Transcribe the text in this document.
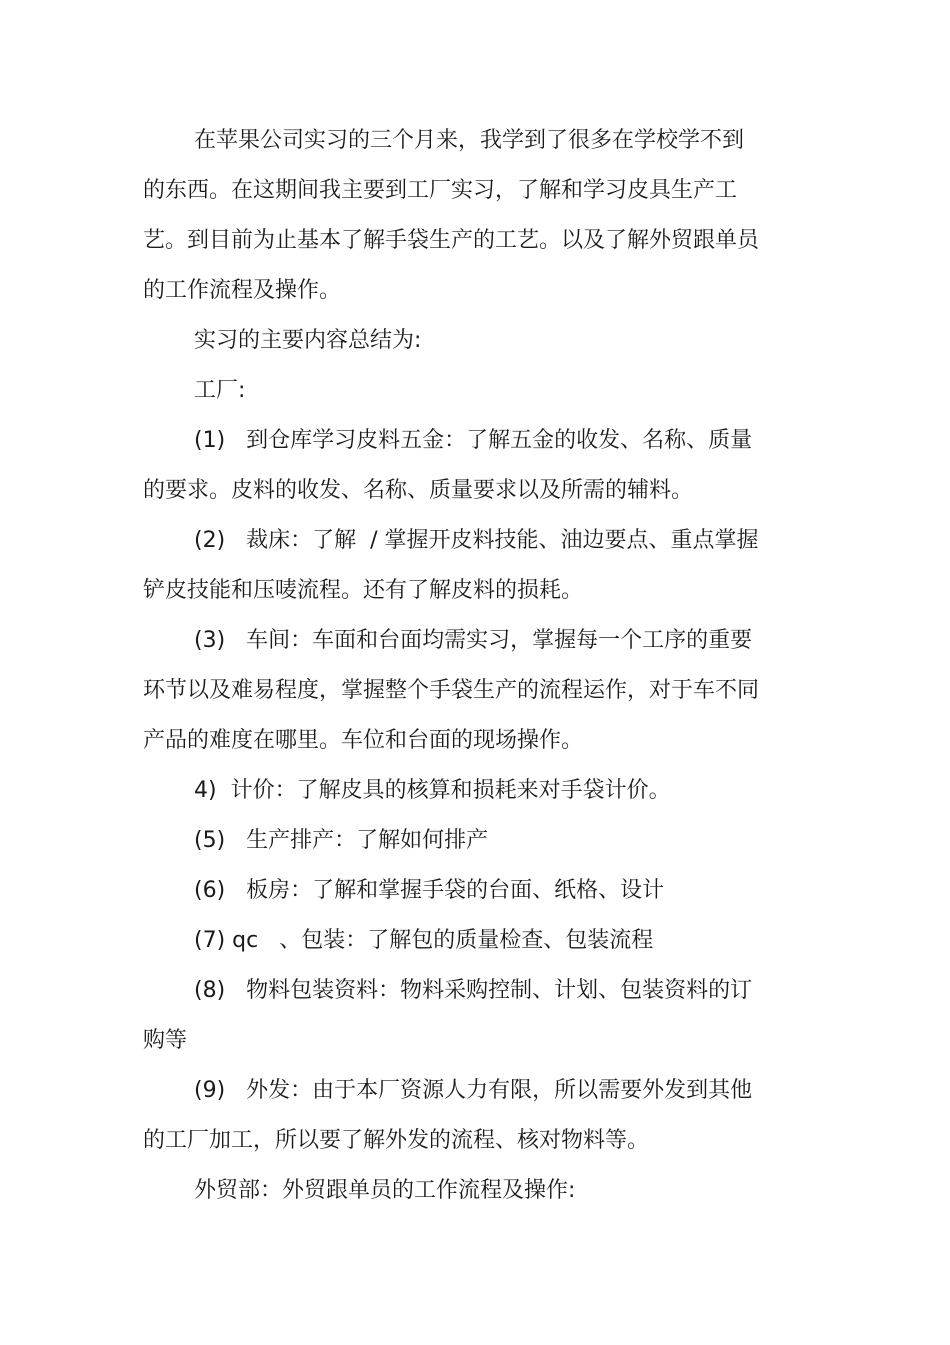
在苹果公司实习的三个月来，我学到了很多在学校学不到的东西。在这期间我主要到工厂实习，了解和学习皮具生产工艺。到目前为止基本了解手袋生产的工艺。以及了解外贸跟单员的工作流程及操作。

实习的主要内容总结为:

工厂:

(1)   到仓库学习皮料五金：了解五金的收发、名称、质量的要求。皮料的收发、名称、质量要求以及所需的辅料。

(2)   裁床：了解  / 掌握开皮料技能、油边要点、重点掌握铲皮技能和压唛流程。还有了解皮料的损耗。

(3)   车间：车面和台面均需实习，掌握每一个工序的重要环节以及难易程度，掌握整个手袋生产的流程运作，对于车不同产品的难度在哪里。车位和台面的现场操作。

4)  计价：了解皮具的核算和损耗来对手袋计价。

(5)   生产排产：了解如何排产

(6)   板房：了解和掌握手袋的台面、纸格、设计

(7) qc   、包装：了解包的质量检查、包装流程

(8)   物料包装资料：物料采购控制、计划、包装资料的订购等

(9)   外发：由于本厂资源人力有限，所以需要外发到其他的工厂加工，所以要了解外发的流程、核对物料等。

外贸部：外贸跟单员的工作流程及操作:
